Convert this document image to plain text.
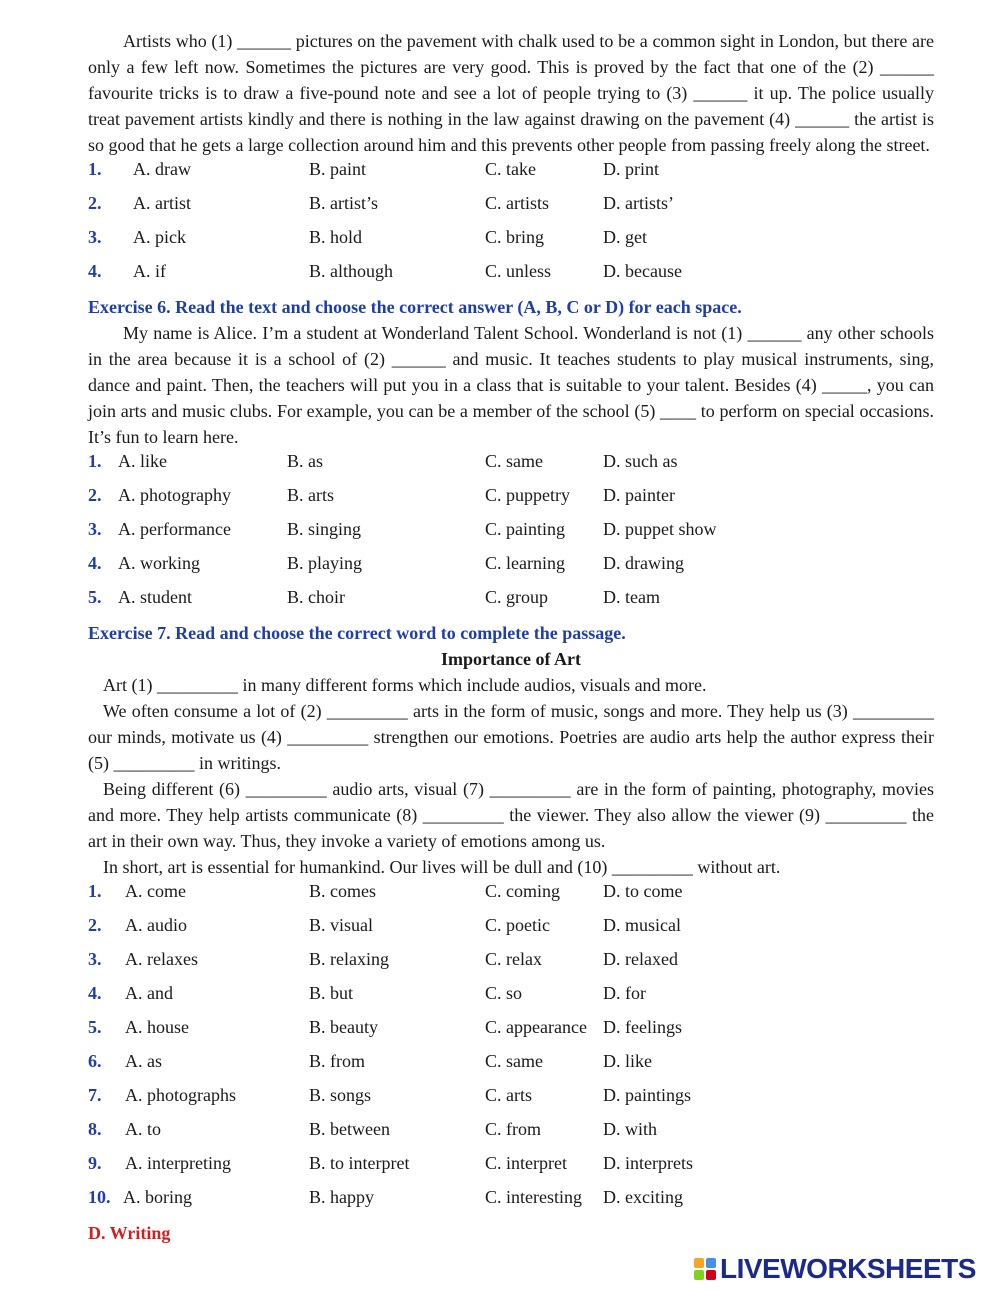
Artists who (1) ______ pictures on the pavement with chalk used to be a common sight in London, but there are only a few left now. Sometimes the pictures are very good. This is proved by the fact that one of the (2) ______ favourite tricks is to draw a five-pound note and see a lot of people trying to (3) ______ it up. The police usually treat pavement artists kindly and there is nothing in the law against drawing on the pavement (4) ______ the artist is so good that he gets a large collection around him and this prevents other people from passing freely along the street.

1. A. draw	B. paint	C. take	D. print
2. A. artist	B. artist’s	C. artists	D. artists’
3. A. pick	B. hold	C. bring	D. get
4. A. if	B. although	C. unless	D. because

Exercise 6. Read the text and choose the correct answer (A, B, C or D) for each space.

My name is Alice. I’m a student at Wonderland Talent School. Wonderland is not (1) ______ any other schools in the area because it is a school of (2) ______ and music. It teaches students to play musical instruments, sing, dance and paint. Then, the teachers will put you in a class that is suitable to your talent. Besides (4) _____, you can join arts and music clubs. For example, you can be a member of the school (5) ____ to perform on special occasions. It’s fun to learn here.

1. A. like	B. as	C. same	D. such as
2. A. photography	B. arts	C. puppetry D. painter
3. A. performance	B. singing	C. painting D. puppet show
4. A. working	B. playing	C. learning D. drawing
5. A. student	B. choir	C. group	D. team

Exercise 7. Read and choose the correct word to complete the passage.

Importance of Art

Art (1) _________ in many different forms which include audios, visuals and more.

We often consume a lot of (2) _________ arts in the form of music, songs and more. They help us (3) _________ our minds, motivate us (4) _________ strengthen our emotions. Poetries are audio arts help the author express their (5) _________ in writings.

Being different (6) _________ audio arts, visual (7) _________ are in the form of painting, photography, movies and more. They help artists communicate (8) _________ the viewer. They also allow the viewer (9) _________ the art in their own way. Thus, they invoke a variety of emotions among us.

In short, art is essential for humankind. Our lives will be dull and (10) _________ without art.

1. A. come	B. comes	C. coming D. to come
2. A. audio	B. visual	C. poetic	D. musical
3. A. relaxes	B. relaxing	C. relax	D. relaxed
4. A. and	B. but	C. so	D. for
5. A. house	B. beauty	C. appearance D. feelings
6. A. as	B. from	C. same	D. like
7. A. photographs	B. songs	C. arts	D. paintings
8. A. to	B. between	C. from	D. with
9. A. interpreting	B. to interpret	C. interpret D. interprets
10. A. boring	B. happy	C. interesting D. exciting

D. Writing

LIVEWORKSHEETS
